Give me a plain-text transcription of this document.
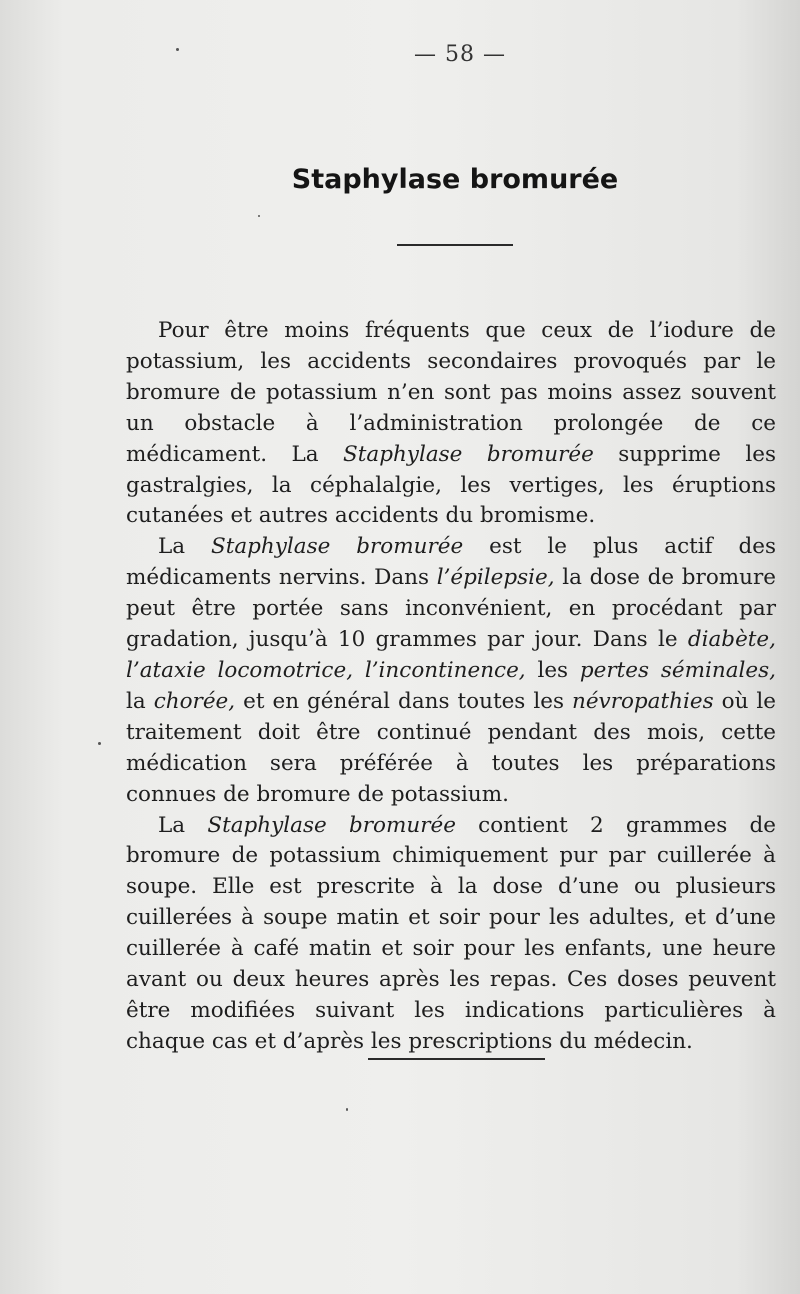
— 58 —
Staphylase bromurée

Pour être moins fréquents que ceux de l’iodure de potassium, les accidents secondaires provoqués par le bromure de potassium n’en sont pas moins assez souvent un obstacle à l’administration prolongée de ce médicament. La Staphylase bromurée supprime les gastralgies, la céphalalgie, les vertiges, les éruptions cutanées et autres accidents du bromisme.

La Staphylase bromurée est le plus actif des médicaments nervins. Dans l’épilepsie, la dose de bromure peut être portée sans inconvénient, en procédant par gradation, jusqu’à 10 grammes par jour. Dans le diabète, l’ataxie locomotrice, l’incontinence, les pertes séminales, la chorée, et en général dans toutes les névropathies où le traitement doit être continué pendant des mois, cette médication sera préférée à toutes les préparations connues de bromure de potassium.

La Staphylase bromurée contient 2 grammes de bromure de potassium chimiquement pur par cuillerée à soupe. Elle est prescrite à la dose d’une ou plusieurs cuillerées à soupe matin et soir pour les adultes, et d’une cuillerée à café matin et soir pour les enfants, une heure avant ou deux heures après les repas. Ces doses peuvent être modifiées suivant les indications particulières à chaque cas et d’après les prescriptions du médecin.
